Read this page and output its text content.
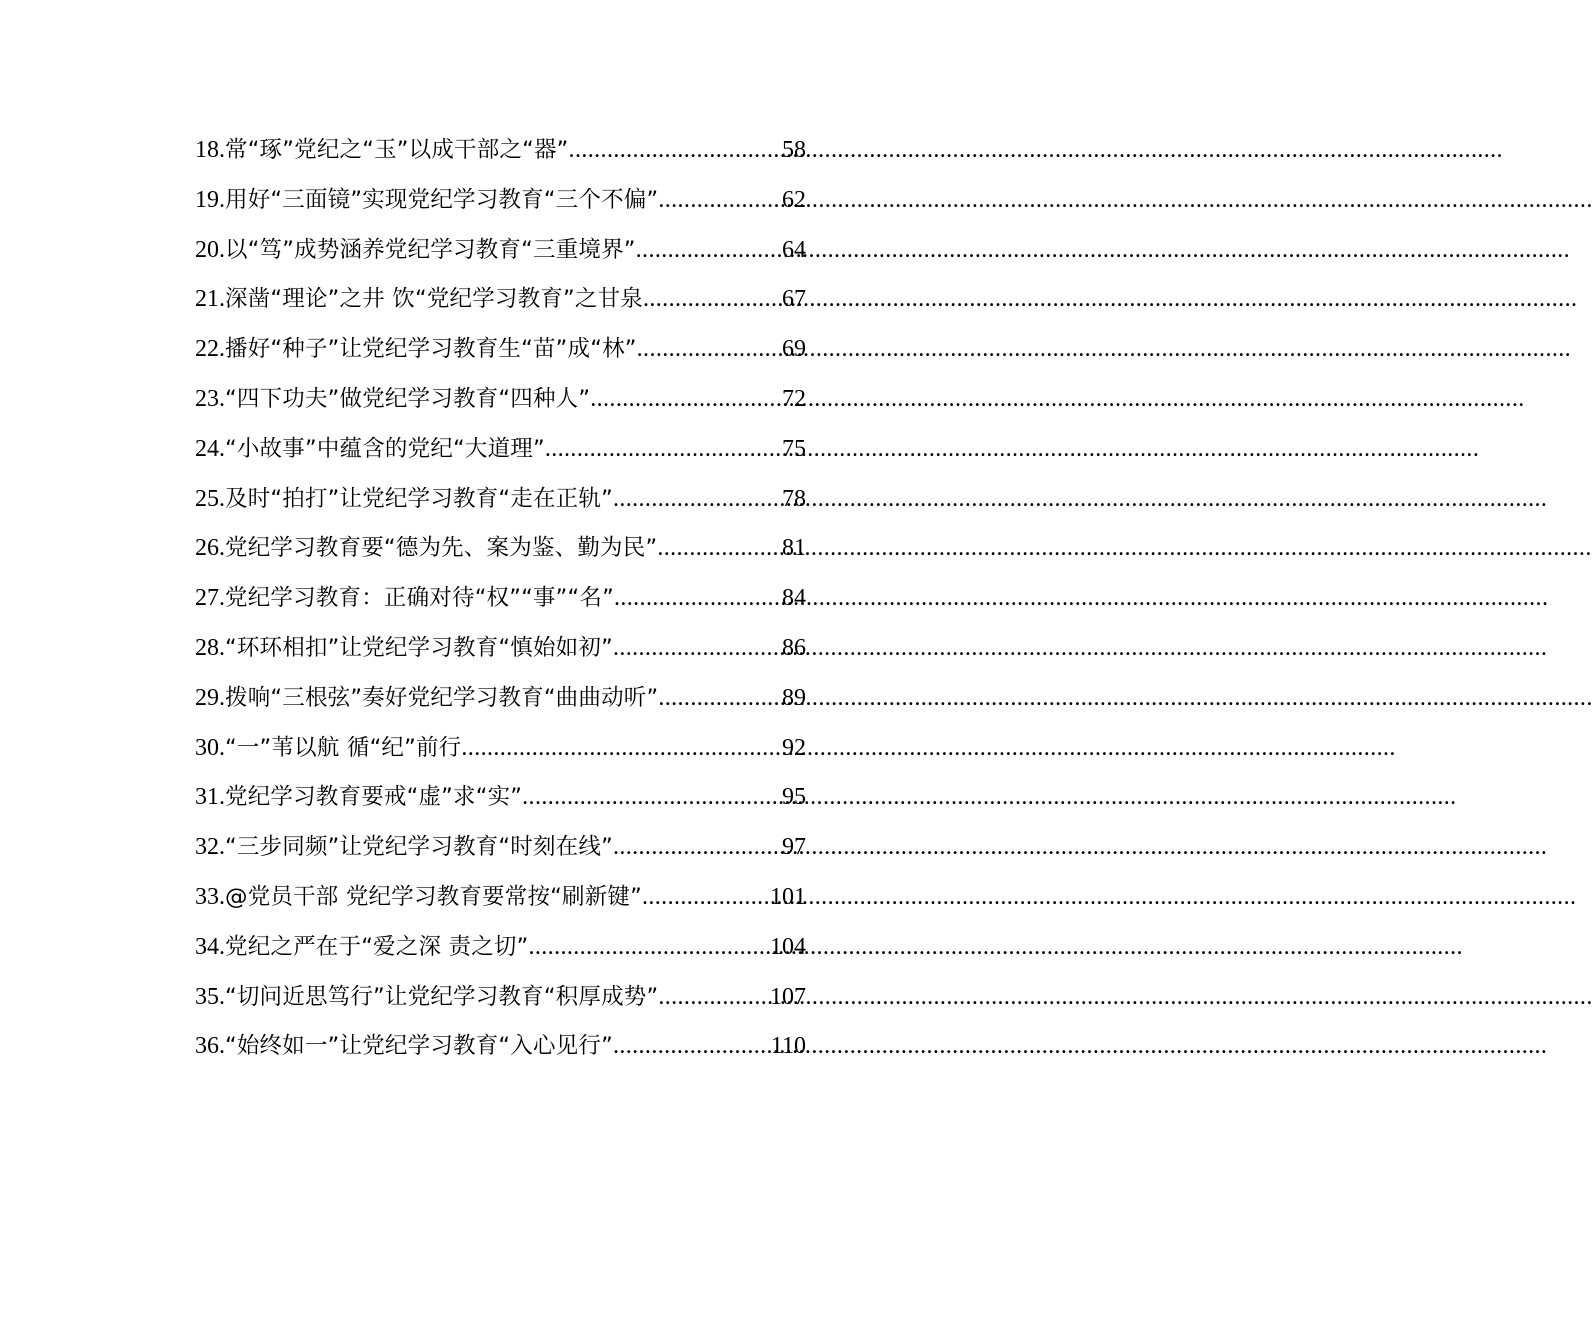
18. 常“琢”党纪之“玉”以成干部之“器” .....	58
19. 用好“三面镜”实现党纪学习教育“三个不偏” .....	62
20. 以“笃”成势涵养党纪学习教育“三重境界” .....	64
21. 深凿“理论”之井 饮“党纪学习教育”之甘泉 .....	67
22. 播好“种子”让党纪学习教育生“苗”成“林” .....	69
23. “四下功夫”做党纪学习教育“四种人” .....	72
24. “小故事”中蕴含的党纪“大道理” .....	75
25. 及时“拍打”让党纪学习教育“走在正轨” .....	78
26. 党纪学习教育要“德为先、案为鉴、勤为民” .....	81
27. 党纪学习教育：正确对待“权”“事”“名” .....	84
28. “环环相扣”让党纪学习教育“慎始如初” .....	86
29. 拨响“三根弦”奏好党纪学习教育“曲曲动听” .....	89
30. “一”苇以航 循“纪”前行 .....	92
31. 党纪学习教育要戒“虚”求“实” .....	95
32. “三步同频”让党纪学习教育“时刻在线” .....	97
33. @党员干部 党纪学习教育要常按“刷新键” .....	101
34. 党纪之严在于“爱之深 责之切” .....	104
35. “切问近思笃行”让党纪学习教育“积厚成势” .....	107
36. “始终如一”让党纪学习教育“入心见行” .....	110
